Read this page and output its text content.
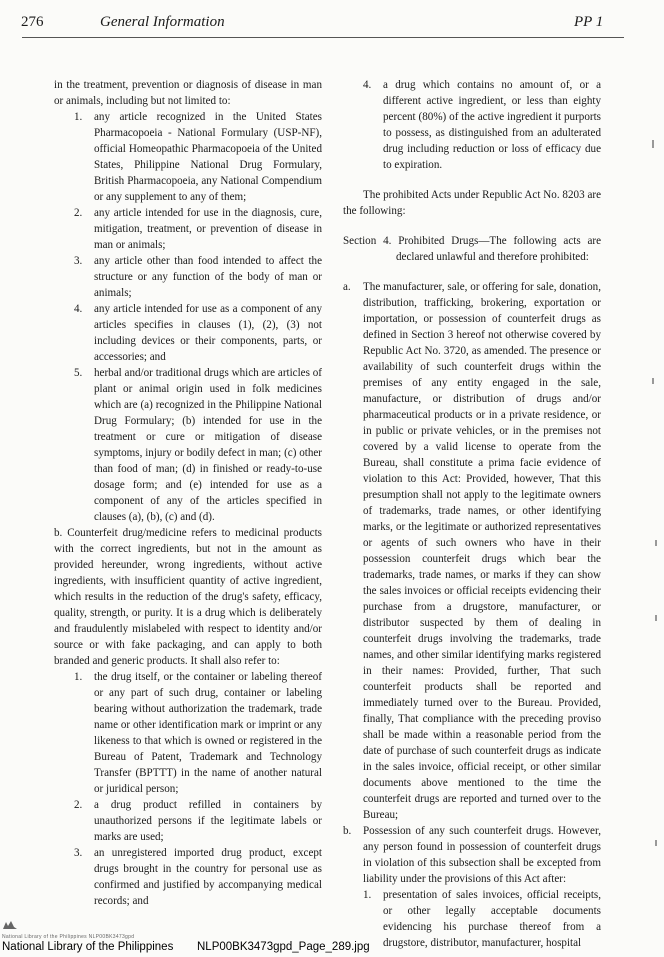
276	General Information	PP 1

in the treatment, prevention or diagnosis of disease in man or animals, including but not limited to:

1. any article recognized in the United States Pharmacopoeia - National Formulary (USP-NF), official Homeopathic Pharmacopoeia of the United States, Philippine National Drug Formulary, British Pharmacopoeia, any National Compendium or any supplement to any of them;
2. any article intended for use in the diagnosis, cure, mitigation, treatment, or prevention of disease in man or animals;
3. any article other than food intended to affect the structure or any function of the body of man or animals;
4. any article intended for use as a component of any articles specifies in clauses (1), (2), (3) not including devices or their components, parts, or accessories; and
5. herbal and/or traditional drugs which are articles of plant or animal origin used in folk medicines which are (a) recognized in the Philippine National Drug Formulary; (b) intended for use in the treatment or cure or mitigation of disease symptoms, injury or bodily defect in man; (c) other than food of man; (d) in finished or ready-to-use dosage form; and (e) intended for use as a component of any of the articles specified in clauses (a), (b), (c) and (d).

b. Counterfeit drug/medicine refers to medicinal products with the correct ingredients, but not in the amount as provided hereunder, wrong ingredients, without active ingredients, with insufficient quantity of active ingredient, which results in the reduction of the drug's safety, efficacy, quality, strength, or purity. It is a drug which is deliberately and fraudulently mislabeled with respect to identity and/or source or with fake packaging, and can apply to both branded and generic products. It shall also refer to:

1. the drug itself, or the container or labeling thereof or any part of such drug, container or labeling bearing without authorization the trademark, trade name or other identification mark or imprint or any likeness to that which is owned or registered in the Bureau of Patent, Trademark and Technology Transfer (BPTTT) in the name of another natural or juridical person;
2. a drug product refilled in containers by unauthorized persons if the legitimate labels or marks are used;
3. an unregistered imported drug product, except drugs brought in the country for personal use as confirmed and justified by accompanying medical records; and
4. a drug which contains no amount of, or a different active ingredient, or less than eighty percent (80%) of the active ingredient it purports to possess, as distinguished from an adulterated drug including reduction or loss of efficacy due to expiration.

The prohibited Acts under Republic Act No. 8203 are the following:

Section 4. Prohibited Drugs—The following acts are declared unlawful and therefore prohibited:

a. The manufacturer, sale, or offering for sale, donation, distribution, trafficking, brokering, exportation or importation, or possession of counterfeit drugs as defined in Section 3 hereof not otherwise covered by Republic Act No. 3720, as amended. The presence or availability of such counterfeit drugs within the premises of any entity engaged in the sale, manufacture, or distribution of drugs and/or pharmaceutical products or in a private residence, or in public or private vehicles, or in the premises not covered by a valid license to operate from the Bureau, shall constitute a prima facie evidence of violation to this Act: Provided, however, That this presumption shall not apply to the legitimate owners of trademarks, trade names, or other identifying marks, or the legitimate or authorized representatives or agents of such owners who have in their possession counterfeit drugs which bear the trademarks, trade names, or marks if they can show the sales invoices or official receipts evidencing their purchase from a drugstore, manufacturer, or distributor suspected by them of dealing in counterfeit drugs involving the trademarks, trade names, and other similar identifying marks registered in their names: Provided, further, That such counterfeit products shall be reported and immediately turned over to the Bureau. Provided, finally, That compliance with the preceding proviso shall be made within a reasonable period from the date of purchase of such counterfeit drugs as indicate in the sales invoice, official receipt, or other similar documents above mentioned to the time the counterfeit drugs are reported and turned over to the Bureau;
b. Possession of any such counterfeit drugs. However, any person found in possession of counterfeit drugs in violation of this subsection shall be excepted from liability under the provisions of this Act after:
1. presentation of sales invoices, official receipts, or other legally acceptable documents evidencing his purchase thereof from a drugstore, distributor, manufacturer, hospital
National Library of the Philippines NLP00BK3473gpd
National Library of the Philippines NLP00BK3473gpd_Page_289.jpg
